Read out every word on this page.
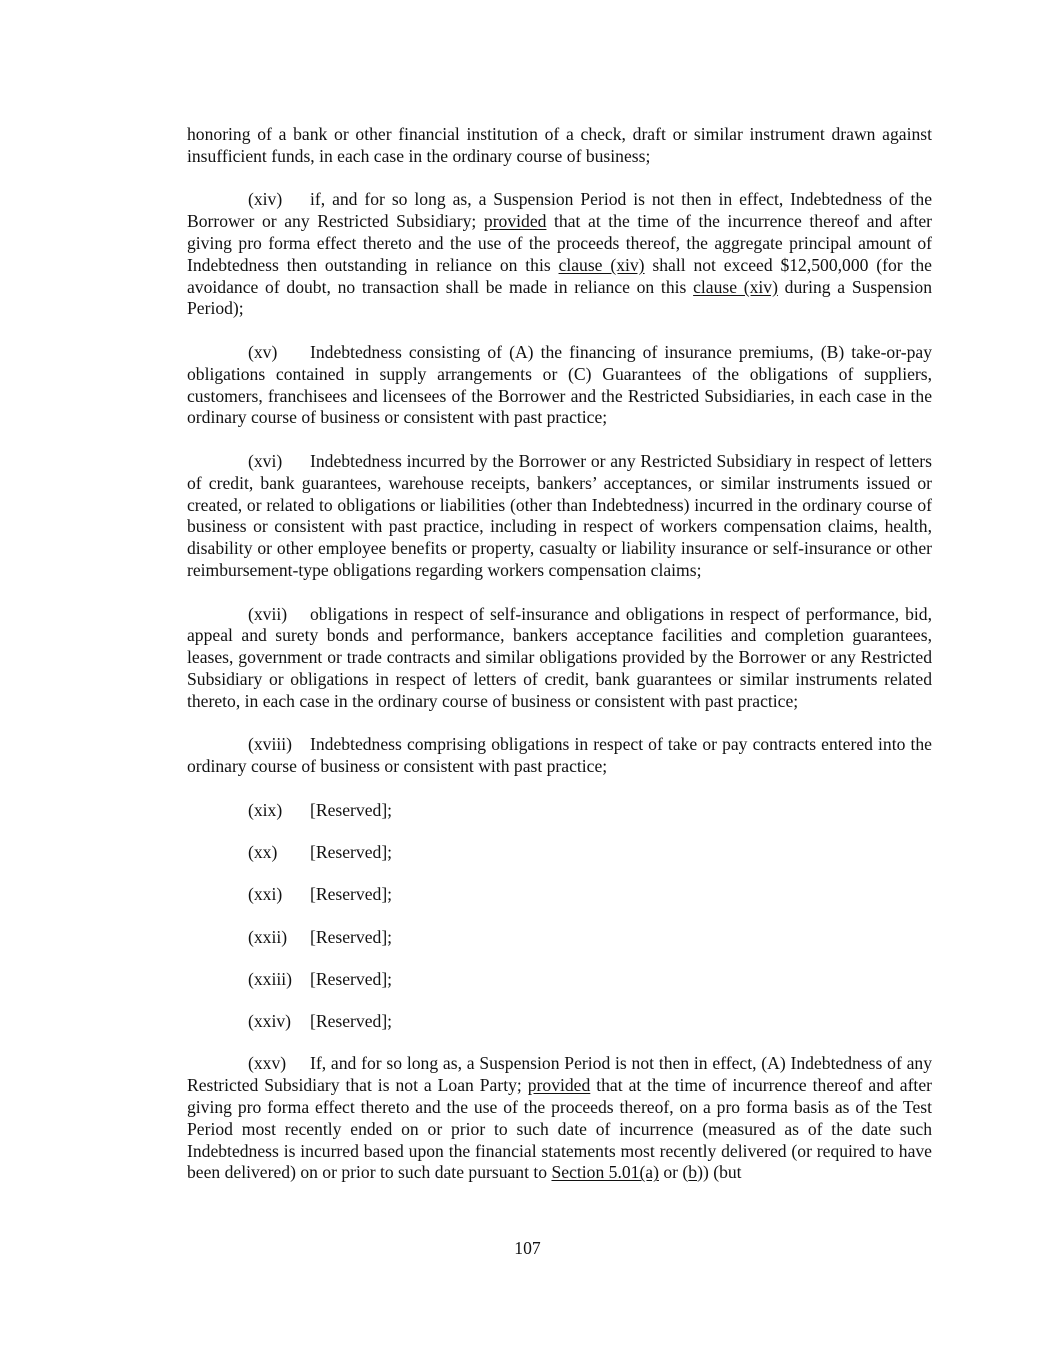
honoring of a bank or other financial institution of a check, draft or similar instrument drawn against insufficient funds, in each case in the ordinary course of business;

(xiv) if, and for so long as, a Suspension Period is not then in effect, Indebtedness of the Borrower or any Restricted Subsidiary; provided that at the time of the incurrence thereof and after giving pro forma effect thereto and the use of the proceeds thereof, the aggregate principal amount of Indebtedness then outstanding in reliance on this clause (xiv) shall not exceed $12,500,000 (for the avoidance of doubt, no transaction shall be made in reliance on this clause (xiv) during a Suspension Period);

(xv) Indebtedness consisting of (A) the financing of insurance premiums, (B) take-or-pay obligations contained in supply arrangements or (C) Guarantees of the obligations of suppliers, customers, franchisees and licensees of the Borrower and the Restricted Subsidiaries, in each case in the ordinary course of business or consistent with past practice;

(xvi) Indebtedness incurred by the Borrower or any Restricted Subsidiary in respect of letters of credit, bank guarantees, warehouse receipts, bankers’ acceptances, or similar instruments issued or created, or related to obligations or liabilities (other than Indebtedness) incurred in the ordinary course of business or consistent with past practice, including in respect of workers compensation claims, health, disability or other employee benefits or property, casualty or liability insurance or self-insurance or other reimbursement-type obligations regarding workers compensation claims;

(xvii) obligations in respect of self-insurance and obligations in respect of performance, bid, appeal and surety bonds and performance, bankers acceptance facilities and completion guarantees, leases, government or trade contracts and similar obligations provided by the Borrower or any Restricted Subsidiary or obligations in respect of letters of credit, bank guarantees or similar instruments related thereto, in each case in the ordinary course of business or consistent with past practice;

(xviii) Indebtedness comprising obligations in respect of take or pay contracts entered into the ordinary course of business or consistent with past practice;

(xix) [Reserved];

(xx) [Reserved];

(xxi) [Reserved];

(xxii) [Reserved];

(xxiii) [Reserved];

(xxiv) [Reserved];

(xxv) If, and for so long as, a Suspension Period is not then in effect, (A) Indebtedness of any Restricted Subsidiary that is not a Loan Party; provided that at the time of incurrence thereof and after giving pro forma effect thereto and the use of the proceeds thereof, on a pro forma basis as of the Test Period most recently ended on or prior to such date of incurrence (measured as of the date such Indebtedness is incurred based upon the financial statements most recently delivered (or required to have been delivered) on or prior to such date pursuant to Section 5.01(a) or (b)) (but

107
